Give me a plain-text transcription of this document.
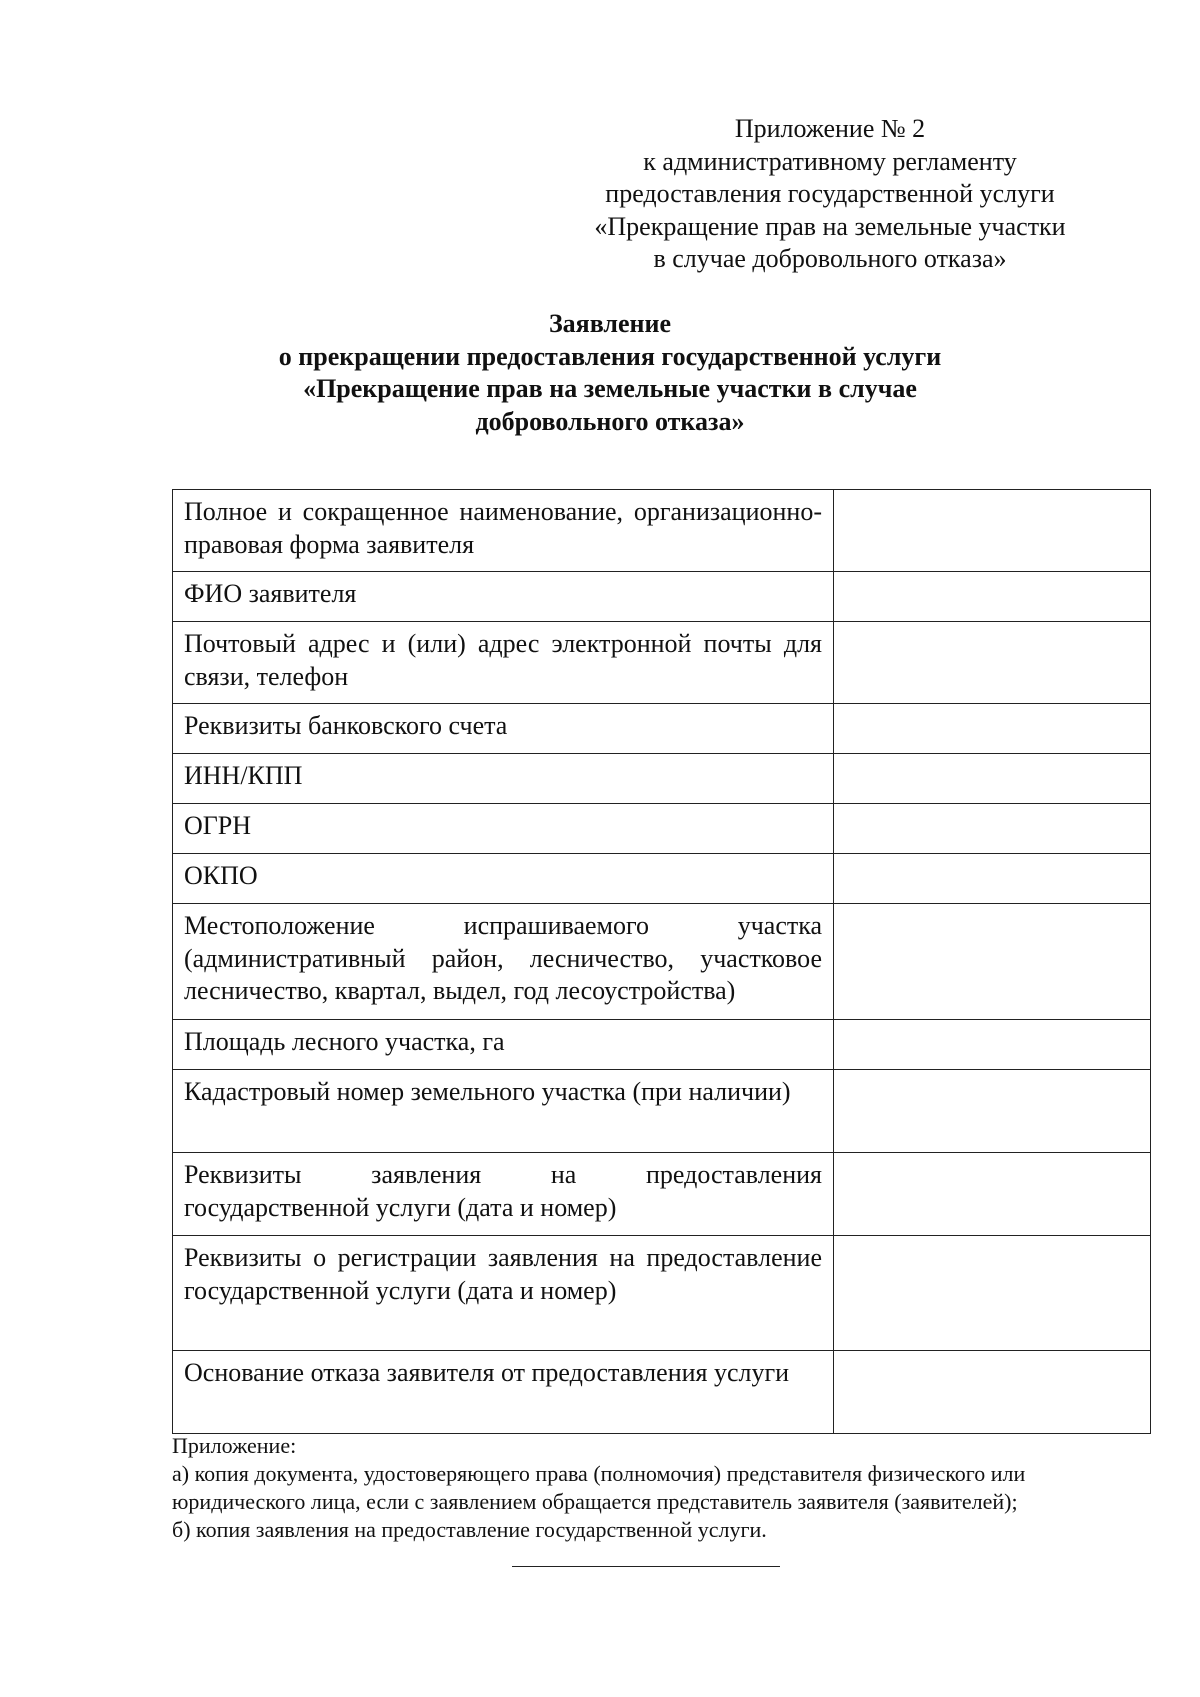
Приложение № 2
к административному регламенту
предоставления государственной услуги
«Прекращение прав на земельные участки
в случае добровольного отказа»
Заявление
о прекращении предоставления государственной услуги
«Прекращение прав на земельные участки в случае
добровольного отказа»
Полное и сокращенное наименование, организационно-правовая форма заявителя	

ФИО заявителя	

Почтовый адрес и (или) адрес электронной почты для связи, телефон	

Реквизиты банковского счета	

ИНН/КПП	

ОГРН	

ОКПО	

Местоположение испрашиваемого участка (административный район, лесничество, участковое лесничество, квартал, выдел, год лесоустройства)	

Площадь лесного участка, га	

Кадастровый номер земельного участка (при наличии)	

Реквизиты заявления на предоставления государственной услуги (дата и номер)	

Реквизиты о регистрации заявления на предоставление государственной услуги (дата и номер)	

Основание отказа заявителя от предоставления услуги	

Приложение:
а) копия документа, удостоверяющего права (полномочия) представителя физического или
юридического лица, если с заявлением обращается представитель заявителя (заявителей);
б) копия заявления на предоставление государственной услуги.
